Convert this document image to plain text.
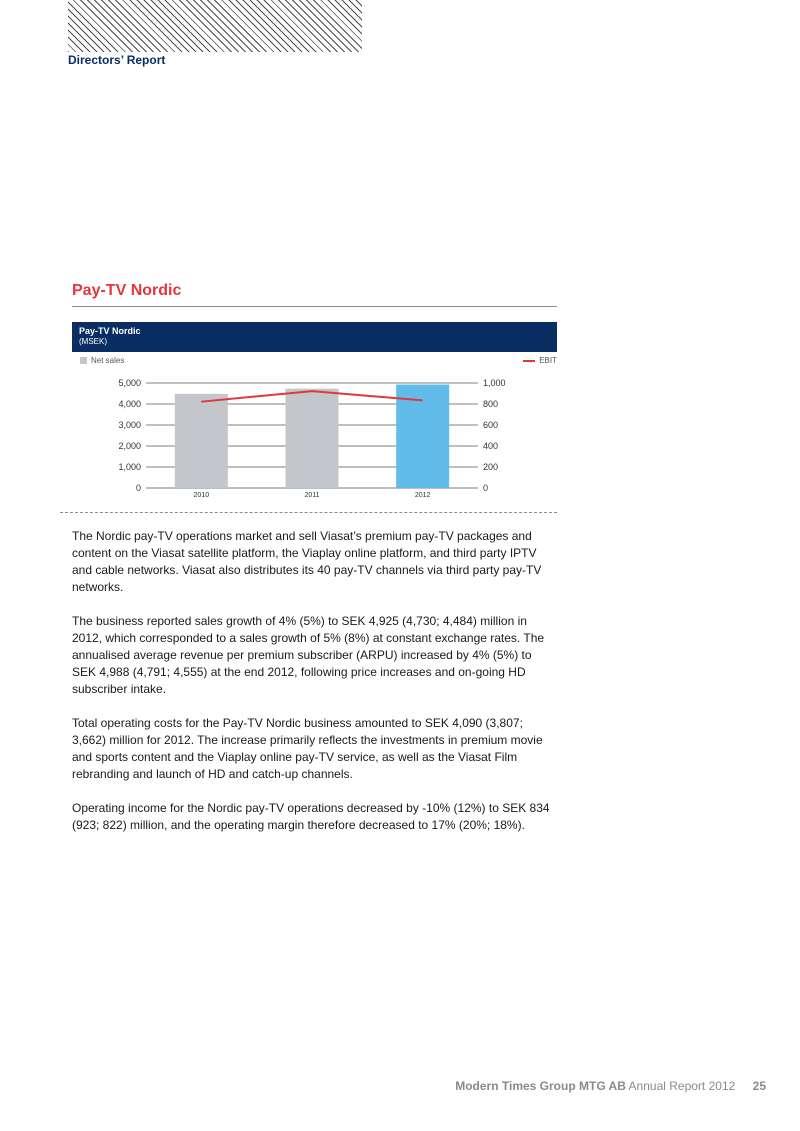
Directors’ Report
Pay-TV Nordic
Pay-TV Nordic
(MSEK)
Net sales	EBIT
0	0
1,000	200
2,000	400
3,000	600
4,000	800
5,000	1,000
2010	2011	2012

The Nordic pay-TV operations market and sell Viasat’s premium pay-TV packages and content on the Viasat satellite platform, the Viaplay online platform, and third party IPTV and cable networks. Viasat also distributes its 40 pay-TV channels via third party pay-TV networks.

The business reported sales growth of 4% (5%) to SEK 4,925 (4,730; 4,484) million in 2012, which corresponded to a sales growth of 5% (8%) at constant exchange rates. The annualised average revenue per premium subscriber (ARPU) increased by 4% (5%) to SEK 4,988 (4,791; 4,555) at the end 2012, following price increases and on-going HD subscriber intake.

Total operating costs for the Pay-TV Nordic business amounted to SEK 4,090 (3,807; 3,662) million for 2012. The increase primarily reflects the investments in premium movie and sports content and the Viaplay online pay-TV service, as well as the Viasat Film rebranding and launch of HD and catch-up channels.

Operating income for the Nordic pay-TV operations decreased by -10% (12%) to SEK 834 (923; 822) million, and the operating margin therefore decreased to 17% (20%; 18%).

Modern Times Group MTG AB Annual Report 2012 25
